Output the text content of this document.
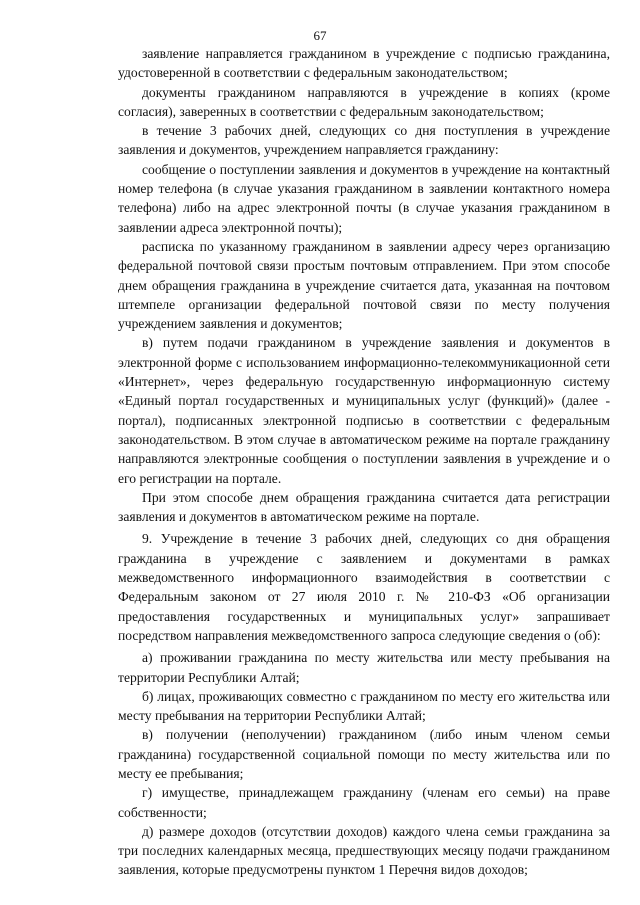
67

заявление направляется гражданином в учреждение с подписью гражданина, удостоверенной в соответствии с федеральным законодательством;

документы гражданином направляются в учреждение в копиях (кроме согласия), заверенных в соответствии с федеральным законодательством;

в течение 3 рабочих дней, следующих со дня поступления в учреждение заявления и документов, учреждением направляется гражданину:

сообщение о поступлении заявления и документов в учреждение на контактный номер телефона (в случае указания гражданином в заявлении контактного номера телефона) либо на адрес электронной почты (в случае указания гражданином в заявлении адреса электронной почты);

расписка по указанному гражданином в заявлении адресу через организацию федеральной почтовой связи простым почтовым отправлением. При этом способе днем обращения гражданина в учреждение считается дата, указанная на почтовом штемпеле организации федеральной почтовой связи по месту получения учреждением заявления и документов;

в) путем подачи гражданином в учреждение заявления и документов в электронной форме с использованием информационно-телекоммуникационной сети «Интернет», через федеральную государственную информационную систему «Единый портал государственных и муниципальных услуг (функций)» (далее - портал), подписанных электронной подписью в соответствии с федеральным законодательством. В этом случае в автоматическом режиме на портале гражданину направляются электронные сообщения о поступлении заявления в учреждение и о его регистрации на портале.

При этом способе днем обращения гражданина считается дата регистрации заявления и документов в автоматическом режиме на портале.

9. Учреждение в течение 3 рабочих дней, следующих со дня обращения гражданина в учреждение с заявлением и документами в рамках межведомственного информационного взаимодействия в соответствии с Федеральным законом от 27 июля 2010 г. № 210-ФЗ «Об организации предоставления государственных и муниципальных услуг» запрашивает посредством направления межведомственного запроса следующие сведения о (об):

а) проживании гражданина по месту жительства или месту пребывания на территории Республики Алтай;

б) лицах, проживающих совместно с гражданином по месту его жительства или месту пребывания на территории Республики Алтай;

в) получении (неполучении) гражданином (либо иным членом семьи гражданина) государственной социальной помощи по месту жительства или по месту ее пребывания;

г) имуществе, принадлежащем гражданину (членам его семьи) на праве собственности;

д) размере доходов (отсутствии доходов) каждого члена семьи гражданина за три последних календарных месяца, предшествующих месяцу подачи гражданином заявления, которые предусмотрены пунктом 1 Перечня видов доходов;
